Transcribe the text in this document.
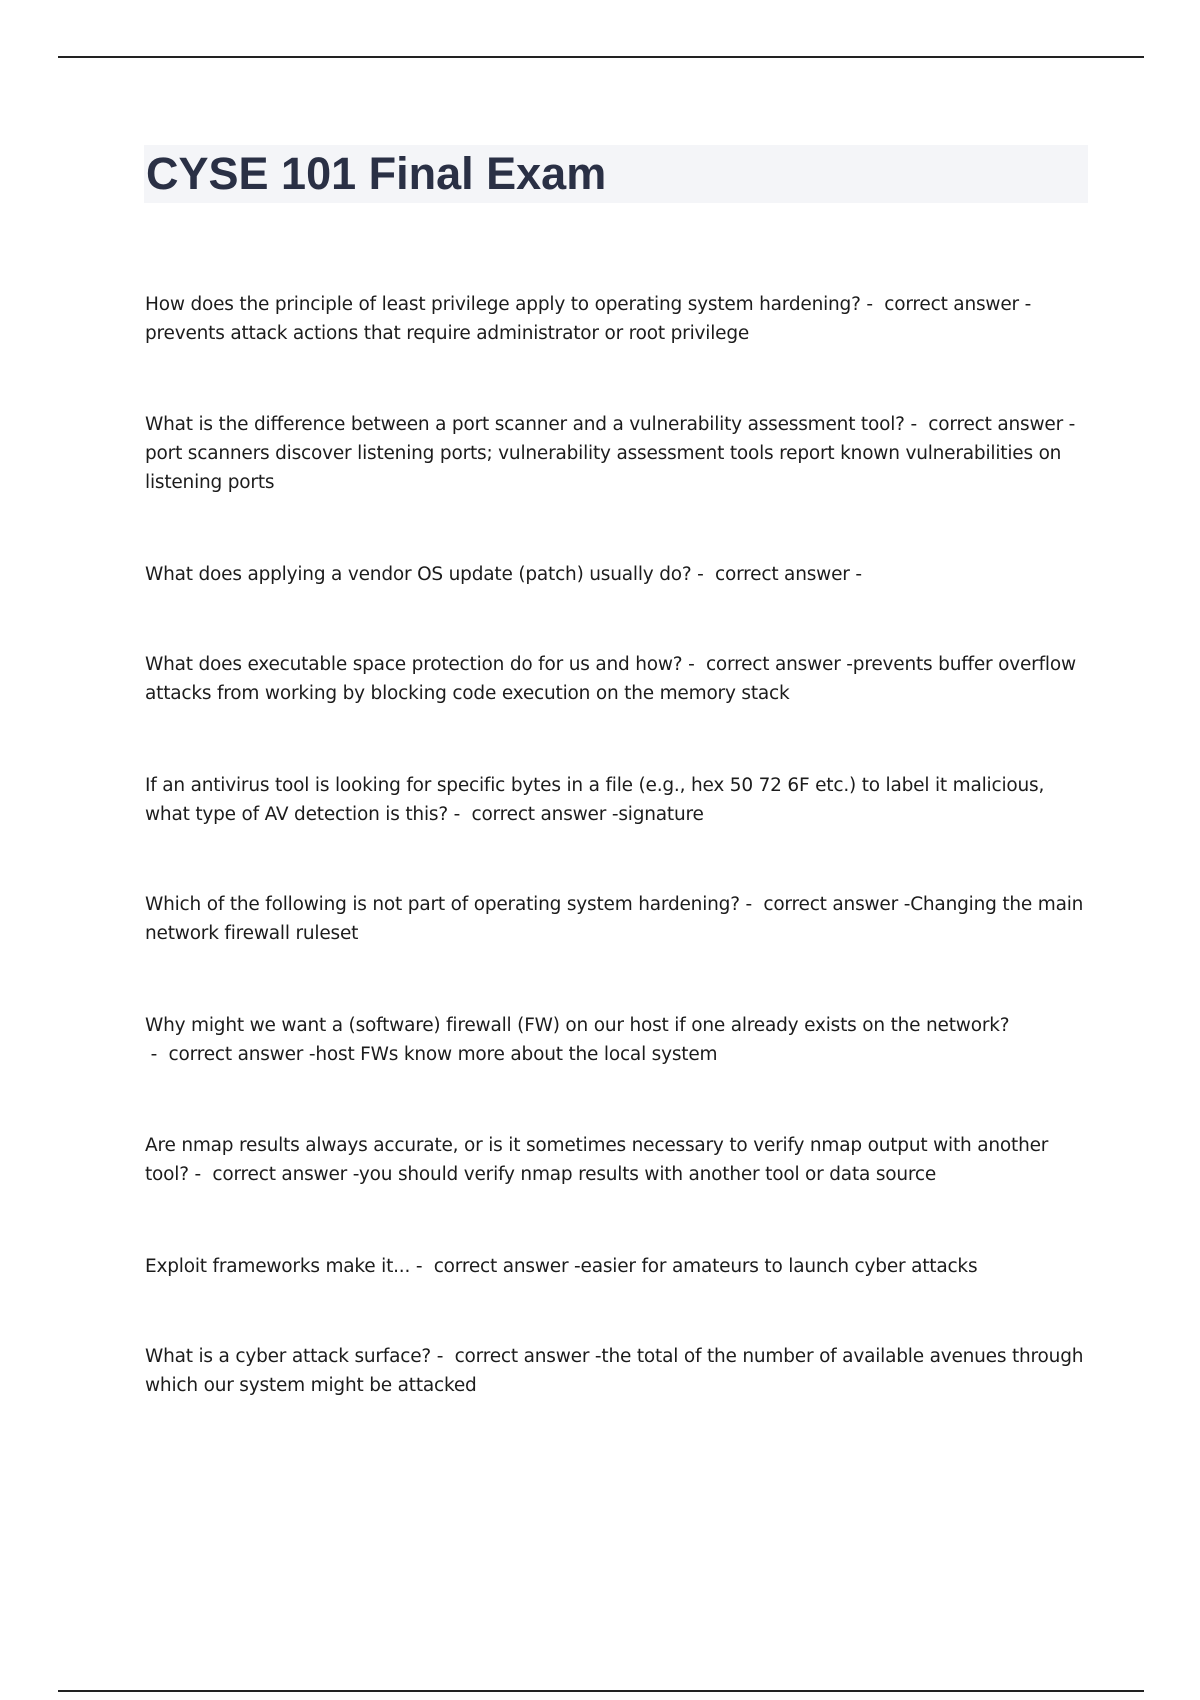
CYSE 101 Final Exam

How does the principle of least privilege apply to operating system hardening? -  correct answer -prevents attack actions that require administrator or root privilege

What is the difference between a port scanner and a vulnerability assessment tool? -  correct answer -port scanners discover listening ports; vulnerability assessment tools report known vulnerabilities on listening ports

What does applying a vendor OS update (patch) usually do? -  correct answer -

What does executable space protection do for us and how? -  correct answer -prevents buffer overflow attacks from working by blocking code execution on the memory stack

If an antivirus tool is looking for specific bytes in a file (e.g., hex 50 72 6F etc.) to label it malicious, what type of AV detection is this? -  correct answer -signature

Which of the following is not part of operating system hardening? -  correct answer -Changing the main network firewall ruleset

Why might we want a (software) firewall (FW) on our host if one already exists on the network? -  correct answer -host FWs know more about the local system

Are nmap results always accurate, or is it sometimes necessary to verify nmap output with another tool? -  correct answer -you should verify nmap results with another tool or data source

Exploit frameworks make it... -  correct answer -easier for amateurs to launch cyber attacks

What is a cyber attack surface? -  correct answer -the total of the number of available avenues through which our system might be attacked
